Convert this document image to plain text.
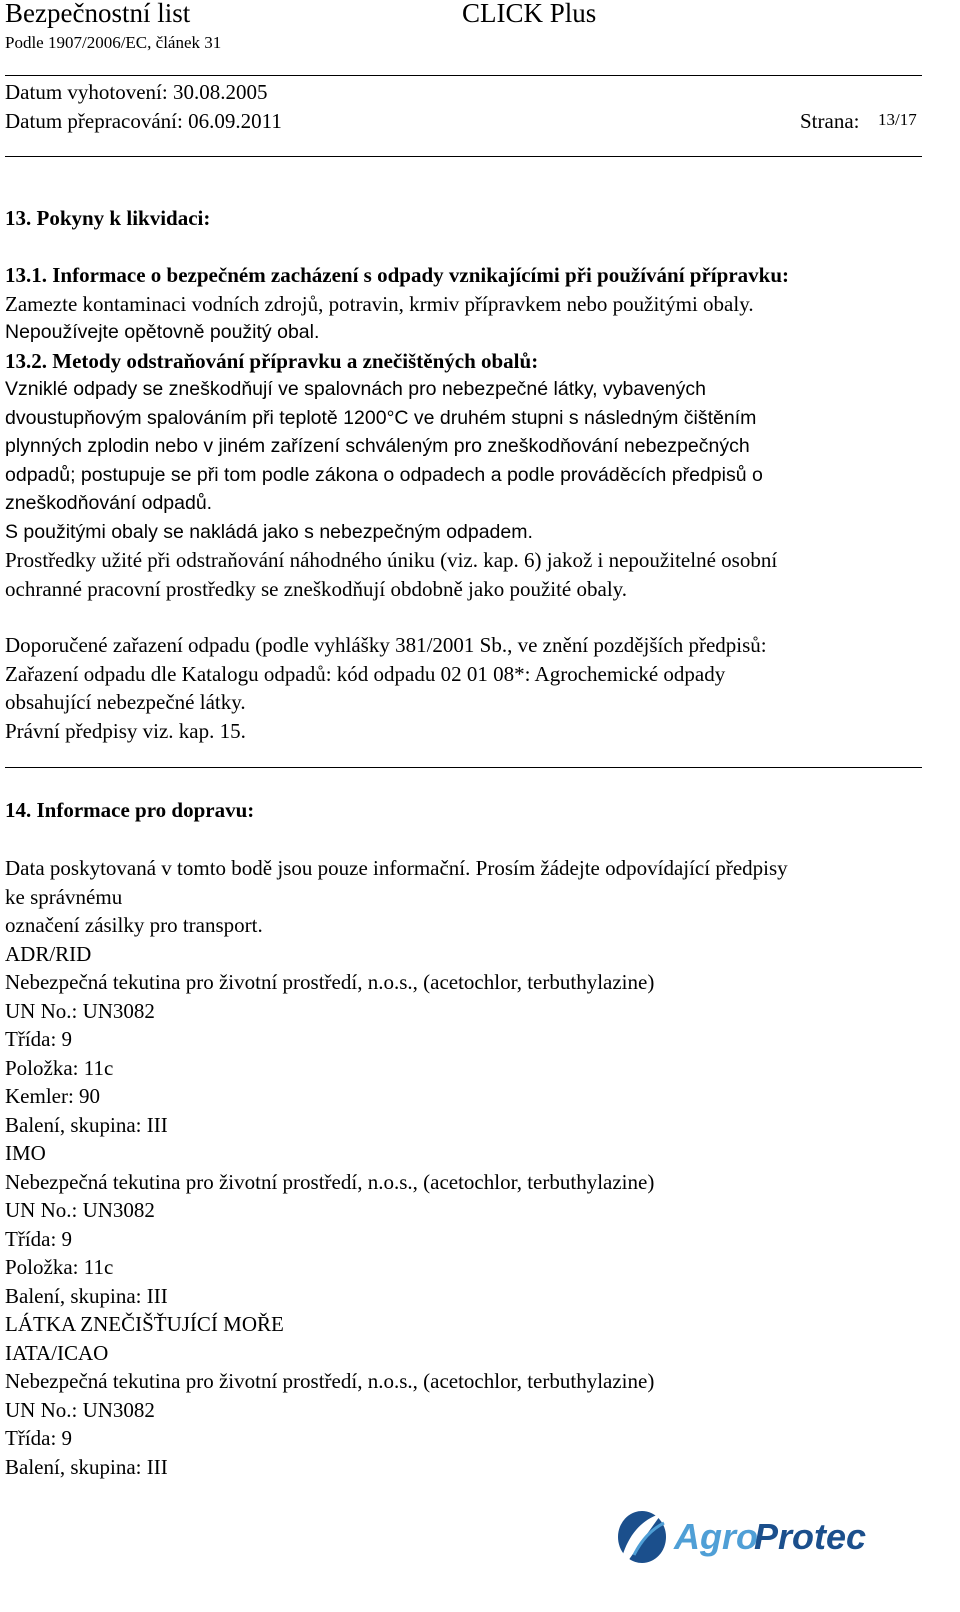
Bezpečnostní list	CLICK Plus
Podle 1907/2006/EC, článek 31
Datum vyhotovení: 30.08.2005
Datum přepracování: 06.09.2011	Strana: 13/17
13. Pokyny k likvidaci:
13.1. Informace o bezpečném zacházení s odpady vznikajícími při používání přípravku:
Zamezte kontaminaci vodních zdrojů, potravin, krmiv přípravkem nebo použitými obaly.
Nepoužívejte opětovně použitý obal.
13.2. Metody odstraňování přípravku a znečištěných obalů:
Vzniklé odpady se zneškodňují ve spalovnách pro nebezpečné látky, vybavených
dvoustupňovým spalováním při teplotě 1200°C ve druhém stupni s následným čištěním
plynných zplodin nebo v jiném zařízení schváleným pro zneškodňování nebezpečných
odpadů; postupuje se při tom podle zákona o odpadech a podle prováděcích předpisů o
zneškodňování odpadů.
S použitými obaly se nakládá jako s nebezpečným odpadem.
Prostředky užité při odstraňování náhodného úniku (viz. kap. 6) jakož i nepoužitelné osobní
ochranné pracovní prostředky se zneškodňují obdobně jako použité obaly.
Doporučené zařazení odpadu (podle vyhlášky 381/2001 Sb., ve znění pozdějších předpisů:
Zařazení odpadu dle Katalogu odpadů: kód odpadu 02 01 08*: Agrochemické odpady
obsahující nebezpečné látky.
Právní předpisy viz. kap. 15.
14. Informace pro dopravu:
Data poskytovaná v tomto bodě jsou pouze informační. Prosím žádejte odpovídající předpisy
ke správnému
označení zásilky pro transport.
ADR/RID
Nebezpečná tekutina pro životní prostředí, n.o.s., (acetochlor, terbuthylazine)
UN No.: UN3082
Třída: 9
Položka: 11c
Kemler: 90
Balení, skupina: III
IMO
Nebezpečná tekutina pro životní prostředí, n.o.s., (acetochlor, terbuthylazine)
UN No.: UN3082
Třída: 9
Položka: 11c
Balení, skupina: III
LÁTKA ZNEČIŠŤUJÍCÍ MOŘE
IATA/ICAO
Nebezpečná tekutina pro životní prostředí, n.o.s., (acetochlor, terbuthylazine)
UN No.: UN3082
Třída: 9
Balení, skupina: III
Agro
Protec
